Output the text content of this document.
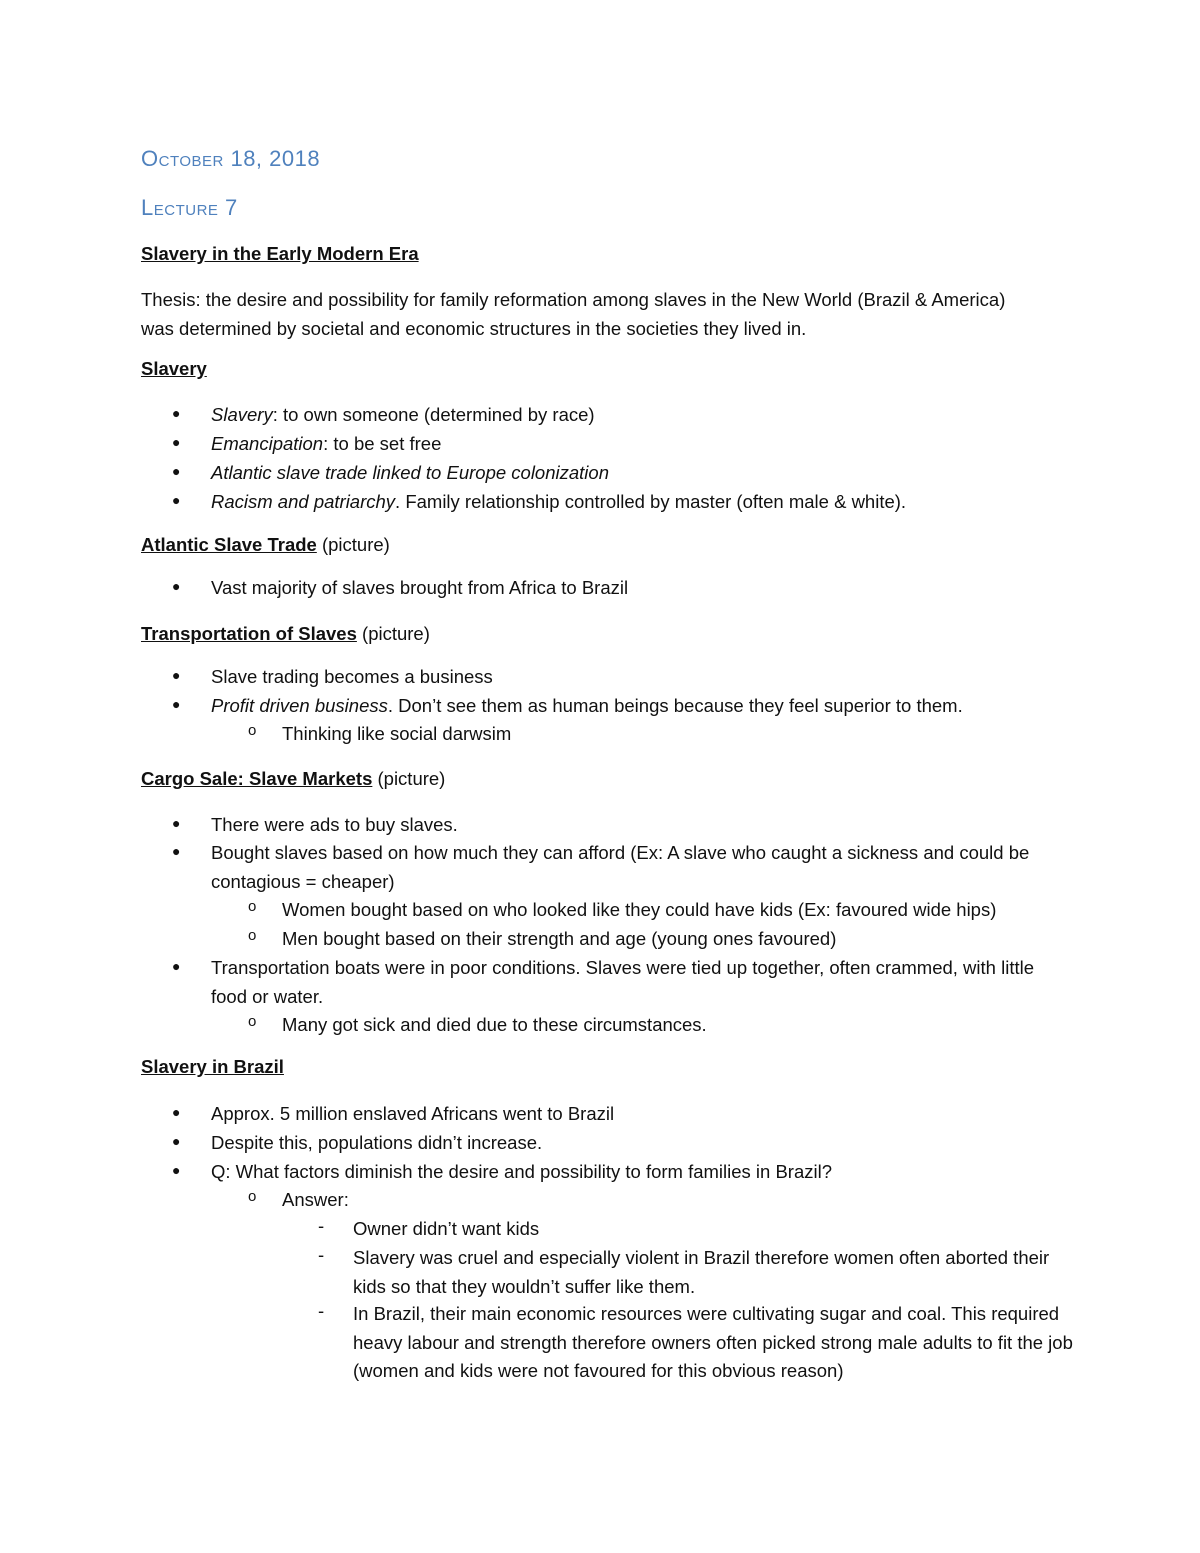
October 18, 2018
Lecture 7
Slavery in the Early Modern Era
Thesis: the desire and possibility for family reformation among slaves in the New World (Brazil & America) was determined by societal and economic structures in the societies they lived in.
Slavery
● Slavery: to own someone (determined by race)
● Emancipation: to be set free
● Atlantic slave trade linked to Europe colonization
● Racism and patriarchy. Family relationship controlled by master (often male & white).
Atlantic Slave Trade (picture)
● Vast majority of slaves brought from Africa to Brazil
Transportation of Slaves (picture)
● Slave trading becomes a business
● Profit driven business. Don’t see them as human beings because they feel superior to them.
o Thinking like social darwsim
Cargo Sale: Slave Markets (picture)
● There were ads to buy slaves.
● Bought slaves based on how much they can afford (Ex: A slave who caught a sickness and could be contagious = cheaper)
o Women bought based on who looked like they could have kids (Ex: favoured wide hips)
o Men bought based on their strength and age (young ones favoured)
● Transportation boats were in poor conditions. Slaves were tied up together, often crammed, with little food or water.
o Many got sick and died due to these circumstances.
Slavery in Brazil
● Approx. 5 million enslaved Africans went to Brazil
● Despite this, populations didn’t increase.
● Q: What factors diminish the desire and possibility to form families in Brazil?
o Answer:
- Owner didn’t want kids
- Slavery was cruel and especially violent in Brazil therefore women often aborted their kids so that they wouldn’t suffer like them.
- In Brazil, their main economic resources were cultivating sugar and coal. This required heavy labour and strength therefore owners often picked strong male adults to fit the job (women and kids were not favoured for this obvious reason)
